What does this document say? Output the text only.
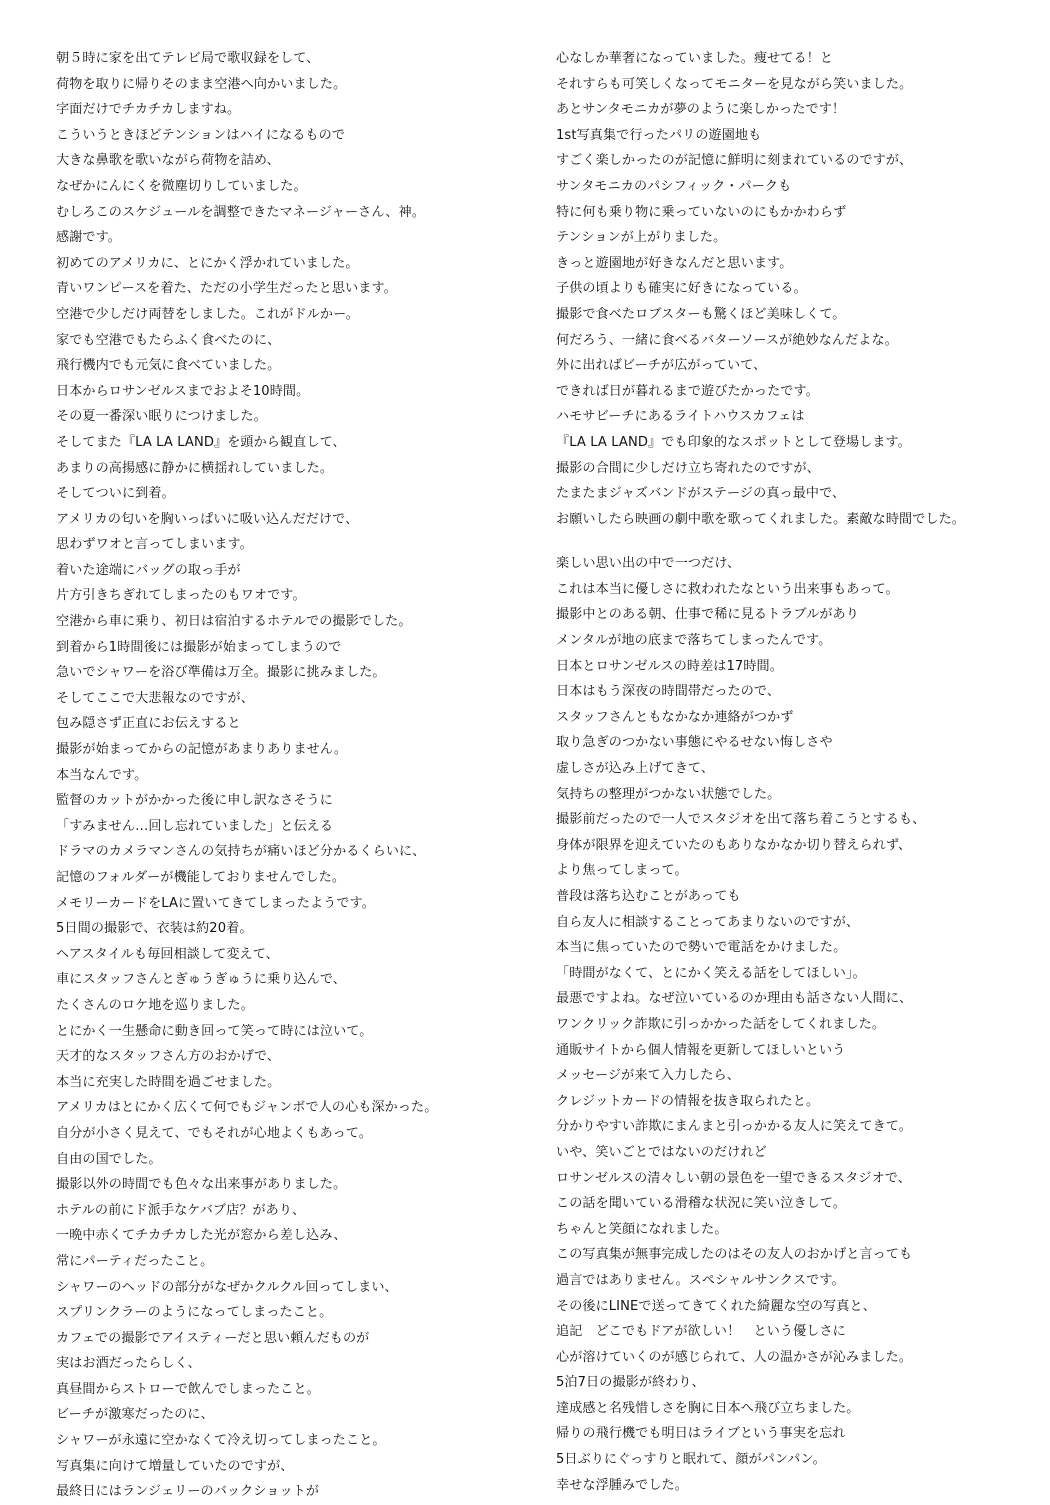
朝５時に家を出てテレビ局で歌収録をして、
荷物を取りに帰りそのまま空港へ向かいました。
字面だけでチカチカしますね。
こういうときほどテンションはハイになるもので
大きな鼻歌を歌いながら荷物を詰め、
なぜかにんにくを微塵切りしていました。
むしろこのスケジュールを調整できたマネージャーさん、神。
感謝です。
初めてのアメリカに、とにかく浮かれていました。
青いワンピースを着た、ただの小学生だったと思います。
空港で少しだけ両替をしました。これがドルかー。
家でも空港でもたらふく食べたのに、
飛行機内でも元気に食べていました。
日本からロサンゼルスまでおよそ10時間。
その夏一番深い眠りにつけました。
そしてまた『LA LA LAND』を頭から観直して、
あまりの高揚感に静かに横揺れしていました。
そしてついに到着。
アメリカの匂いを胸いっぱいに吸い込んだだけで、
思わずワオと言ってしまいます。
着いた途端にバッグの取っ手が
片方引きちぎれてしまったのもワオです。
空港から車に乗り、初日は宿泊するホテルでの撮影でした。
到着から1時間後には撮影が始まってしまうので
急いでシャワーを浴び準備は万全。撮影に挑みました。
そしてここで大悲報なのですが、
包み隠さず正直にお伝えすると
撮影が始まってからの記憶があまりありません。
本当なんです。
監督のカットがかかった後に申し訳なさそうに
「すみません…回し忘れていました」と伝える
ドラマのカメラマンさんの気持ちが痛いほど分かるくらいに、
記憶のフォルダーが機能しておりませんでした。
メモリーカードをLAに置いてきてしまったようです。
5日間の撮影で、衣装は約20着。
ヘアスタイルも毎回相談して変えて、
車にスタッフさんとぎゅうぎゅうに乗り込んで、
たくさんのロケ地を巡りました。
とにかく一生懸命に動き回って笑って時には泣いて。
天才的なスタッフさん方のおかげで、
本当に充実した時間を過ごせました。
アメリカはとにかく広くて何でもジャンボで人の心も深かった。
自分が小さく見えて、でもそれが心地よくもあって。
自由の国でした。
撮影以外の時間でも色々な出来事がありました。
ホテルの前にド派手なケバブ店？があり、
一晩中赤くてチカチカした光が窓から差し込み、
常にパーティだったこと。
シャワーのヘッドの部分がなぜかクルクル回ってしまい、
スプリンクラーのようになってしまったこと。
カフェでの撮影でアイスティーだと思い頼んだものが
実はお酒だったらしく、
真昼間からストローで飲んでしまったこと。
ビーチが激寒だったのに、
シャワーが永遠に空かなくて冷え切ってしまったこと。
写真集に向けて増量していたのですが、
最終日にはランジェリーのバックショットが
心なしか華奢になっていました。痩せてる！と
それすらも可笑しくなってモニターを見ながら笑いました。
あとサンタモニカが夢のように楽しかったです！
1st写真集で行ったパリの遊園地も
すごく楽しかったのが記憶に鮮明に刻まれているのですが、
サンタモニカのパシフィック・パークも
特に何も乗り物に乗っていないのにもかかわらず
テンションが上がりました。
きっと遊園地が好きなんだと思います。
子供の頃よりも確実に好きになっている。
撮影で食べたロブスターも驚くほど美味しくて。
何だろう、一緒に食べるバターソースが絶妙なんだよな。
外に出ればビーチが広がっていて、
できれば日が暮れるまで遊びたかったです。
ハモサビーチにあるライトハウスカフェは
『LA LA LAND』でも印象的なスポットとして登場します。
撮影の合間に少しだけ立ち寄れたのですが、
たまたまジャズバンドがステージの真っ最中で、
お願いしたら映画の劇中歌を歌ってくれました。素敵な時間でした。
楽しい思い出の中で一つだけ、
これは本当に優しさに救われたなという出来事もあって。
撮影中とのある朝、仕事で稀に見るトラブルがあり
メンタルが地の底まで落ちてしまったんです。
日本とロサンゼルスの時差は17時間。
日本はもう深夜の時間帯だったので、
スタッフさんともなかなか連絡がつかず
取り急ぎのつかない事態にやるせない悔しさや
虚しさが込み上げてきて、
気持ちの整理がつかない状態でした。
撮影前だったので一人でスタジオを出て落ち着こうとするも、
身体が限界を迎えていたのもありなかなか切り替えられず、
より焦ってしまって。
普段は落ち込むことがあっても
自ら友人に相談することってあまりないのですが、
本当に焦っていたので勢いで電話をかけました。
「時間がなくて、とにかく笑える話をしてほしい」。
最悪ですよね。なぜ泣いているのか理由も話さない人間に、
ワンクリック詐欺に引っかかった話をしてくれました。
通販サイトから個人情報を更新してほしいという
メッセージが来て入力したら、
クレジットカードの情報を抜き取られたと。
分かりやすい詐欺にまんまと引っかかる友人に笑えてきて。
いや、笑いごとではないのだけれど
ロサンゼルスの清々しい朝の景色を一望できるスタジオで、
この話を聞いている滑稽な状況に笑い泣きして。
ちゃんと笑顔になれました。
この写真集が無事完成したのはその友人のおかげと言っても
過言ではありません。スペシャルサンクスです。
その後にLINEで送ってきてくれた綺麗な空の写真と、
追記　どこでもドアが欲しい！　という優しさに
心が溶けていくのが感じられて、人の温かさが沁みました。
5泊7日の撮影が終わり、
達成感と名残惜しさを胸に日本へ飛び立ちました。
帰りの飛行機でも明日はライブという事実を忘れ
5日ぶりにぐっすりと眠れて、顔がパンパン。
幸せな浮腫みでした。
